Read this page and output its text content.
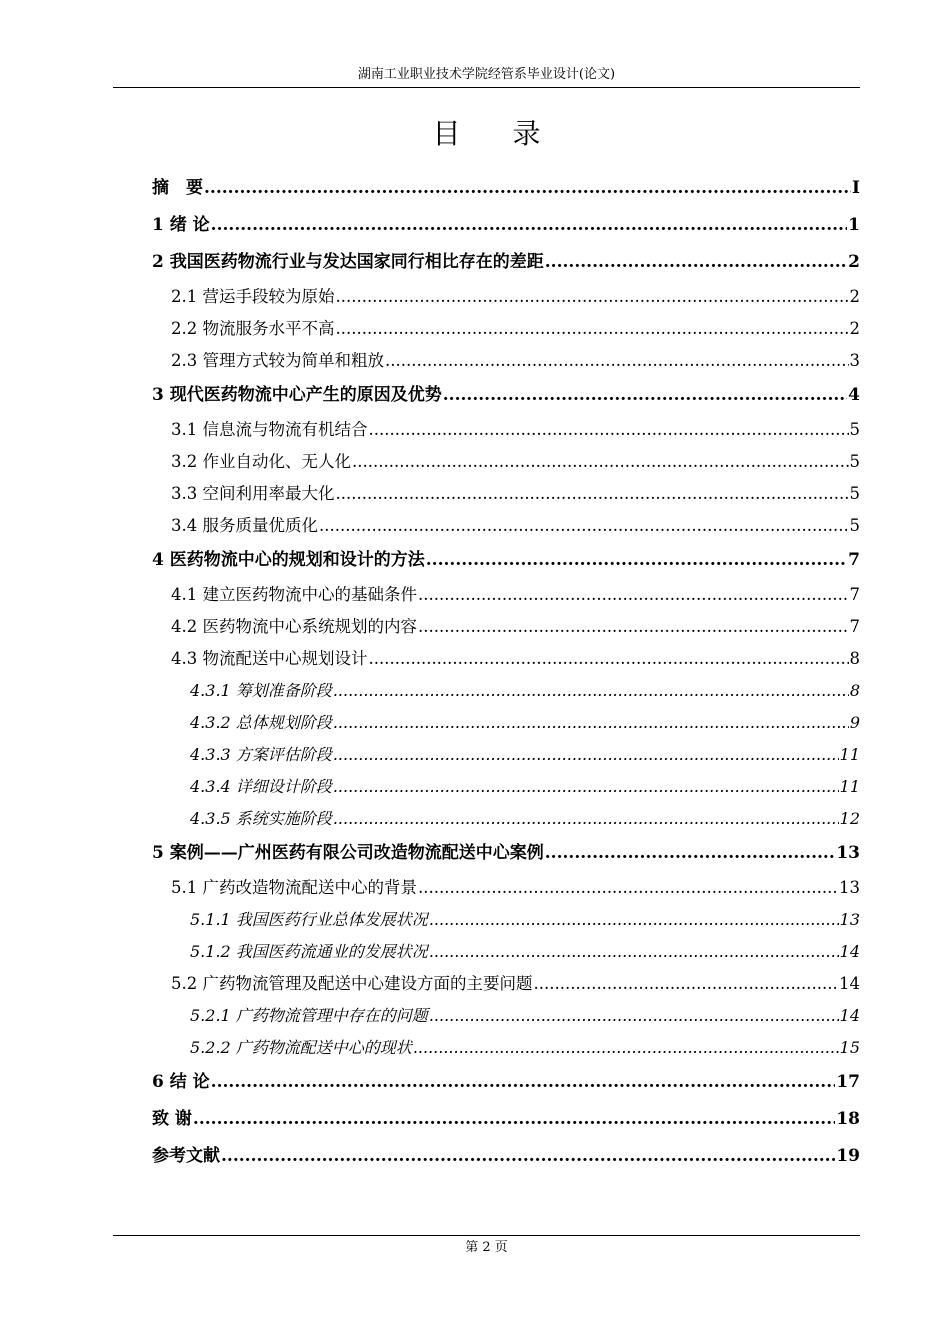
湖南工业职业技术学院经管系毕业设计(论文)
目录
摘　要 .....	I
1 绪 论 .....	1
2 我国医药物流行业与发达国家同行相比存在的差距 .....	2
2.1 营运手段较为原始 .....	2
2.2 物流服务水平不高 .....	2
2.3 管理方式较为简单和粗放 .....	3
3 现代医药物流中心产生的原因及优势 .....	4
3.1 信息流与物流有机结合 .....	5
3.2 作业自动化、无人化 .....	5
3.3 空间利用率最大化 .....	5
3.4 服务质量优质化 .....	5
4 医药物流中心的规划和设计的方法 .....	7
4.1 建立医药物流中心的基础条件 .....	7
4.2 医药物流中心系统规划的内容 .....	7
4.3 物流配送中心规划设计 .....	8
4.3.1 筹划准备阶段 .....	8
4.3.2 总体规划阶段 .....	9
4.3.3 方案评估阶段 .....	11
4.3.4 详细设计阶段 .....	11
4.3.5 系统实施阶段 .....	12
5 案例——广州医药有限公司改造物流配送中心案例 .....	13
5.1 广药改造物流配送中心的背景 .....	13
5.1.1 我国医药行业总体发展状况 .....	13
5.1.2 我国医药流通业的发展状况 .....	14
5.2 广药物流管理及配送中心建设方面的主要问题 .....	14
5.2.1 广药物流管理中存在的问题 .....	14
5.2.2 广药物流配送中心的现状 .....	15
6 结 论 .....	17
致 谢 .....	18
参考文献 .....	19
第 2 页
